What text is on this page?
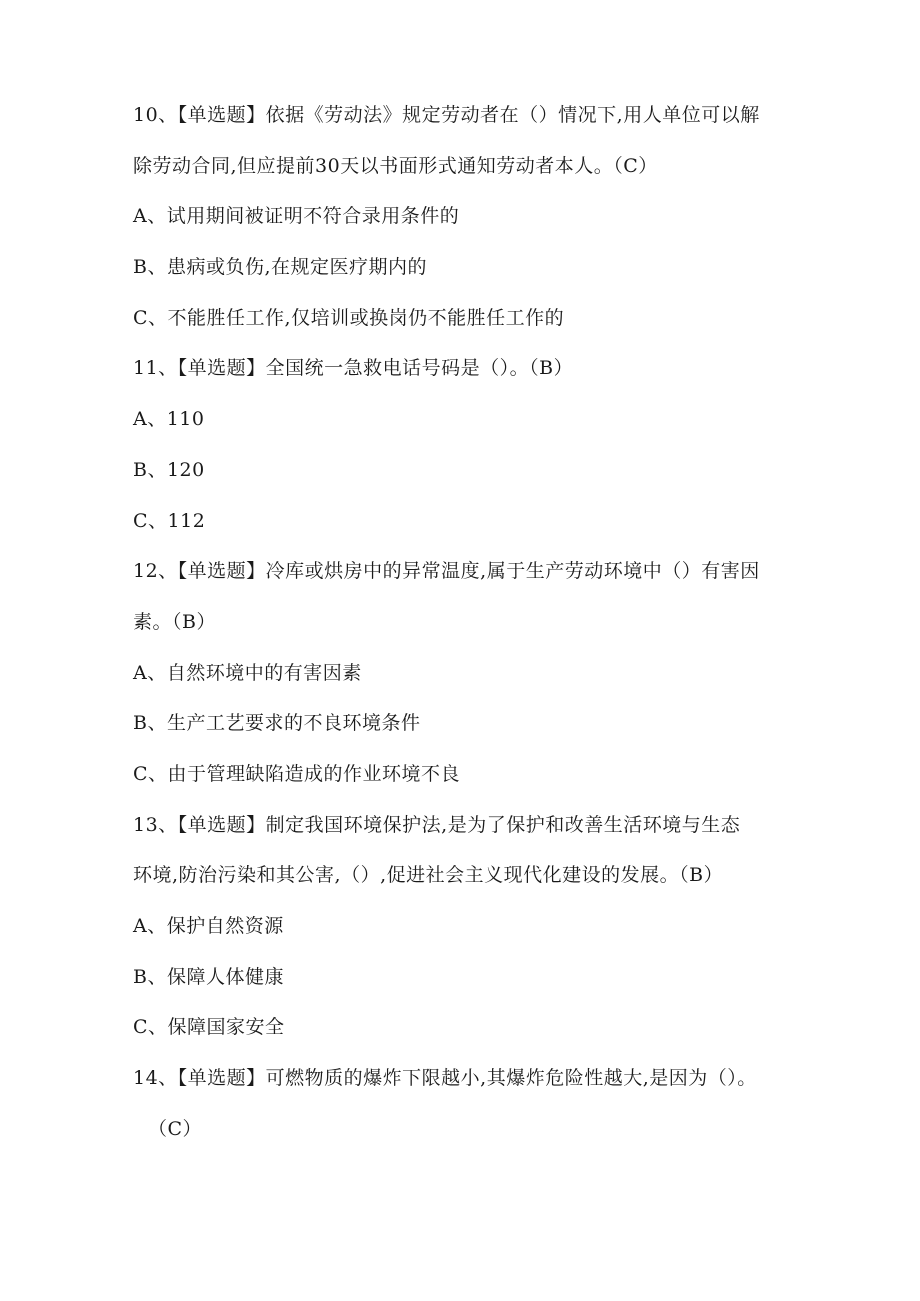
10、【单选题】依据《劳动法》规定劳动者在（）情况下,用人单位可以解
除劳动合同,但应提前30天以书面形式通知劳动者本人。（C）
A、试用期间被证明不符合录用条件的
B、患病或负伤,在规定医疗期内的
C、不能胜任工作,仅培训或换岗仍不能胜任工作的
11、【单选题】全国统一急救电话号码是（）。（B）
A、110
B、120
C、112
12、【单选题】冷库或烘房中的异常温度,属于生产劳动环境中（）有害因
素。（B）
A、自然环境中的有害因素
B、生产工艺要求的不良环境条件
C、由于管理缺陷造成的作业环境不良
13、【单选题】制定我国环境保护法,是为了保护和改善生活环境与生态
环境,防治污染和其公害,（）,促进社会主义现代化建设的发展。（B）
A、保护自然资源
B、保障人体健康
C、保障国家安全
14、【单选题】可燃物质的爆炸下限越小,其爆炸危险性越大,是因为（）。
（C）
